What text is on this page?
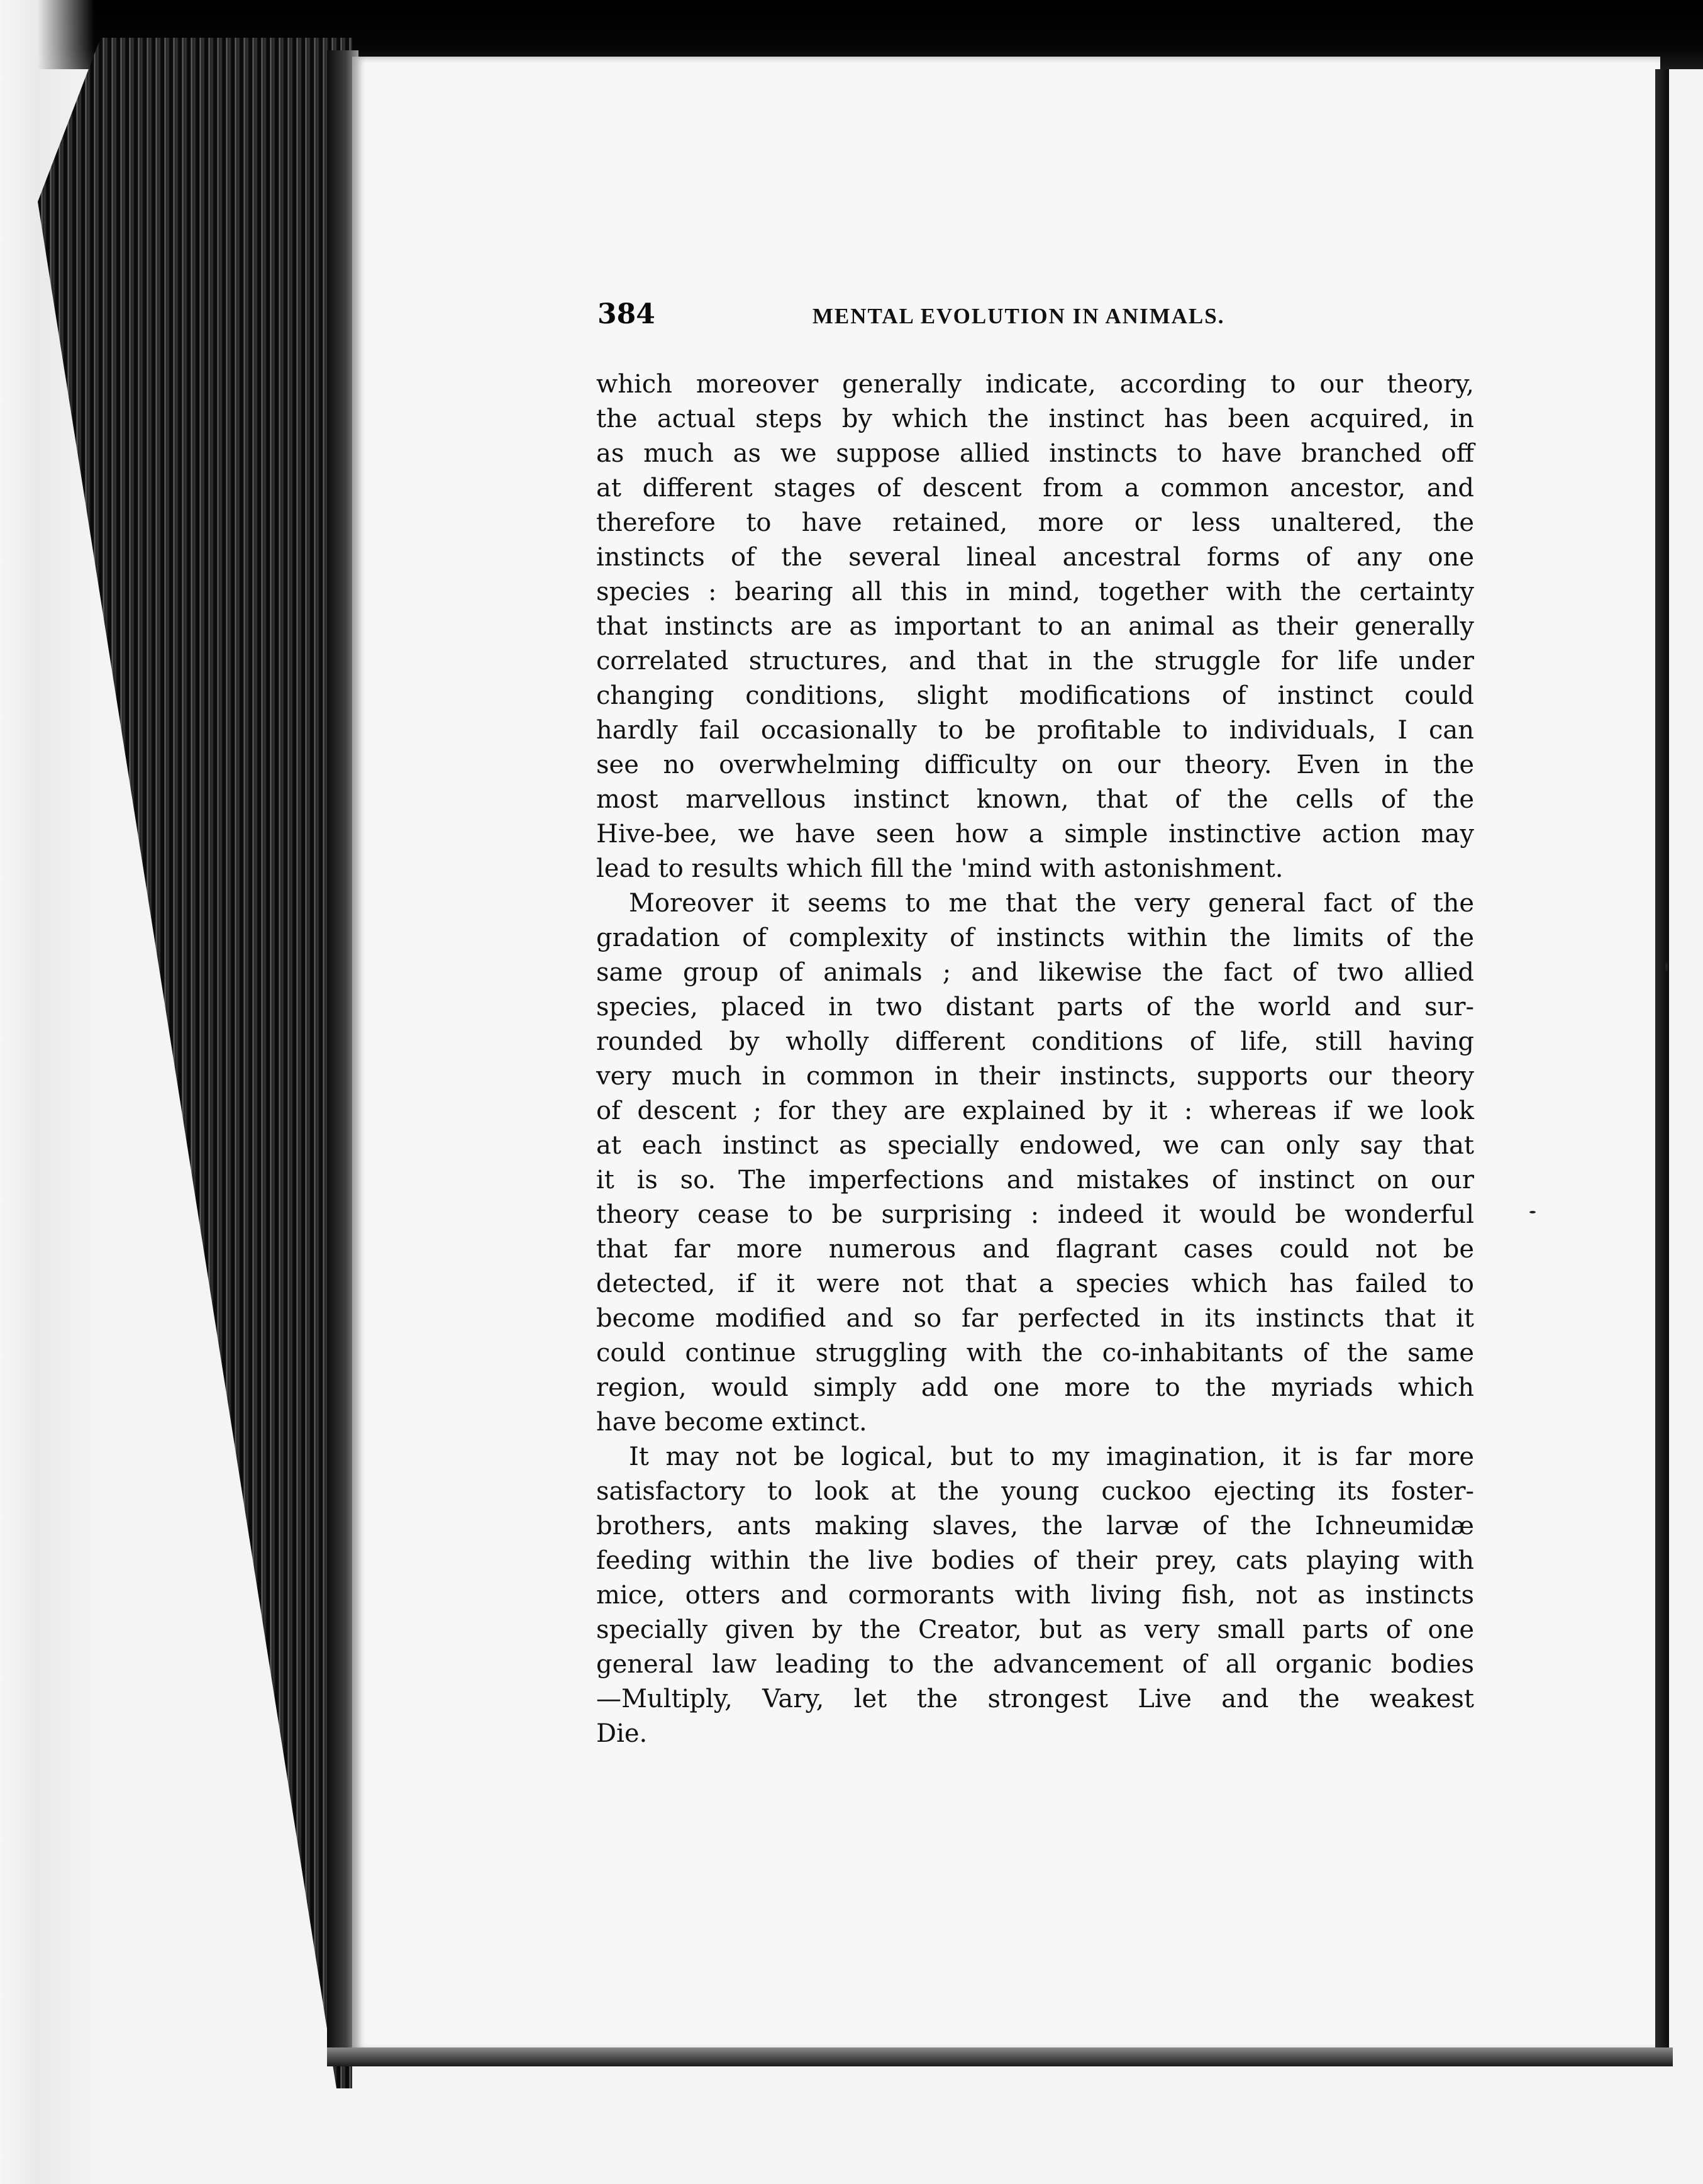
384	MENTAL EVOLUTION IN ANIMALS.
which moreover generally indicate, according to our theory,
the actual steps by which the instinct has been acquired, in
as much as we suppose allied instincts to have branched off
at different stages of descent from a common ancestor, and
therefore to have retained, more or less unaltered, the
instincts of the several lineal ancestral forms of any one
species : bearing all this in mind, together with the certainty
that instincts are as important to an animal as their generally
correlated structures, and that in the struggle for life under
changing conditions, slight modifications of instinct could
hardly fail occasionally to be profitable to individuals, I can
see no overwhelming difficulty on our theory. Even in the
most marvellous instinct known, that of the cells of the
Hive-bee, we have seen how a simple instinctive action may
lead to results which fill the 'mind with astonishment.
Moreover it seems to me that the very general fact of the
gradation of complexity of instincts within the limits of the
same group of animals ; and likewise the fact of two allied
species, placed in two distant parts of the world and sur-
rounded by wholly different conditions of life, still having
very much in common in their instincts, supports our theory
of descent ; for they are explained by it : whereas if we look
at each instinct as specially endowed, we can only say that
it is so. The imperfections and mistakes of instinct on our
theory cease to be surprising : indeed it would be wonderful
that far more numerous and flagrant cases could not be
detected, if it were not that a species which has failed to
become modified and so far perfected in its instincts that it
could continue struggling with the co-inhabitants of the same
region, would simply add one more to the myriads which
have become extinct.
It may not be logical, but to my imagination, it is far more
satisfactory to look at the young cuckoo ejecting its foster-
brothers, ants making slaves, the larvæ of the Ichneumidæ
feeding within the live bodies of their prey, cats playing with
mice, otters and cormorants with living fish, not as instincts
specially given by the Creator, but as very small parts of one
general law leading to the advancement of all organic bodies
—Multiply, Vary, let the strongest Live and the weakest
Die.
